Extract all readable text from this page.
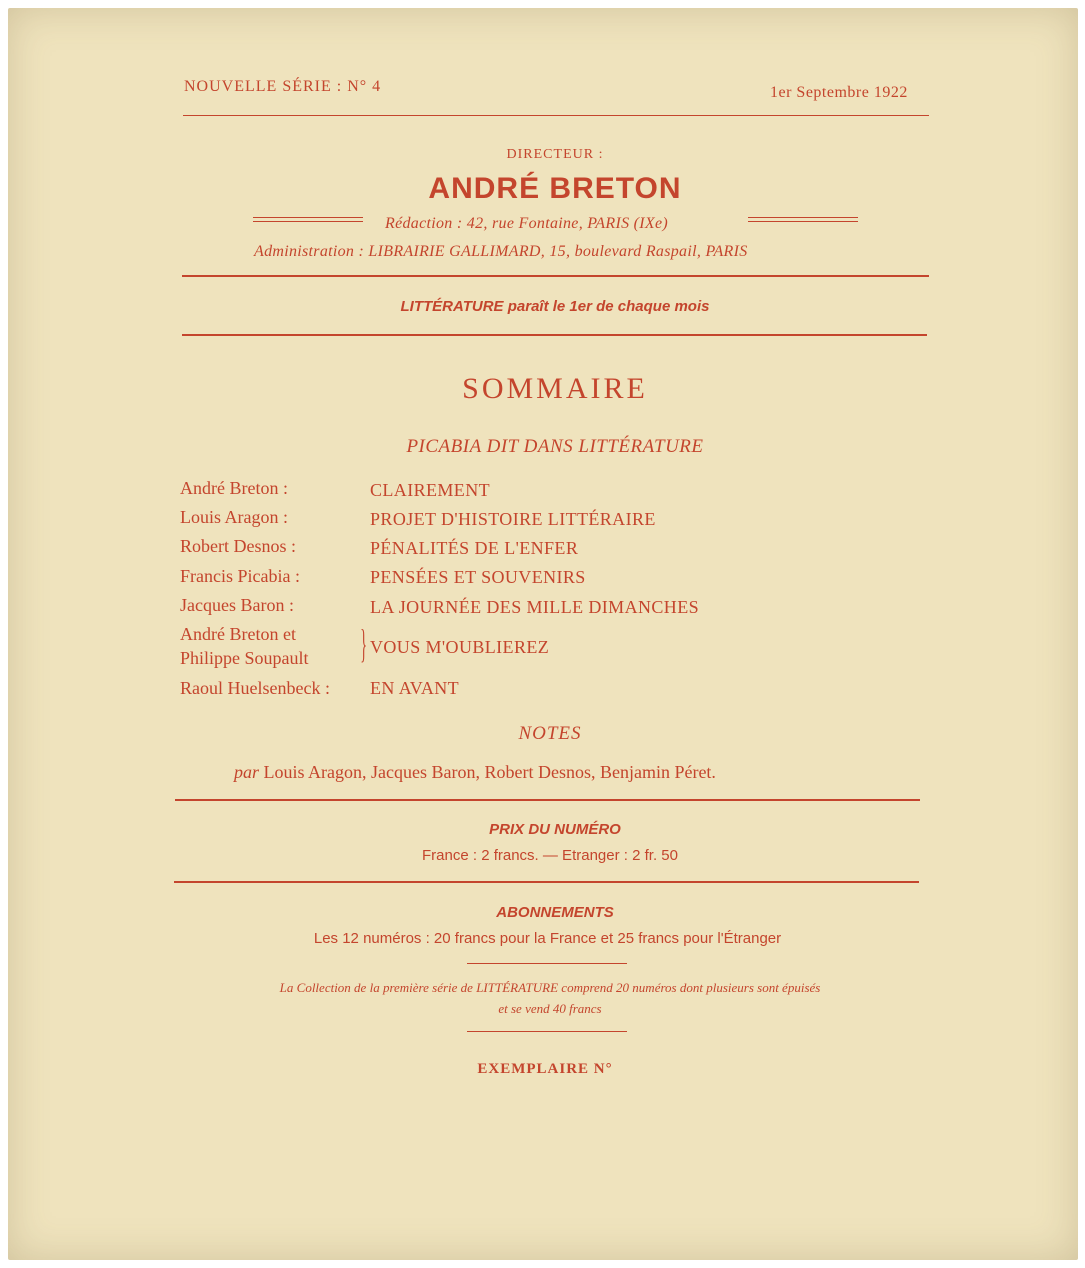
NOUVELLE SÉRIE : N° 4	1er Septembre 1922
DIRECTEUR :
ANDRÉ BRETON
Rédaction : 42, rue Fontaine, PARIS (IXe)
Administration : LIBRAIRIE GALLIMARD, 15, boulevard Raspail, PARIS
LITTÉRATURE paraît le 1er de chaque mois
SOMMAIRE
PICABIA DIT DANS LITTÉRATURE
André Breton :	CLAIREMENT
Louis Aragon :	PROJET D'HISTOIRE LITTÉRAIRE
Robert Desnos :	PÉNALITÉS DE L'ENFER
Francis Picabia :	PENSÉES ET SOUVENIRS
Jacques Baron :	LA JOURNÉE DES MILLE DIMANCHES
André Breton et
Philippe Soupault } VOUS M'OUBLIEREZ
Raoul Huelsenbeck : EN AVANT
NOTES
par Louis Aragon, Jacques Baron, Robert Desnos, Benjamin Péret.
PRIX DU NUMÉRO
France : 2 francs. — Etranger : 2 fr. 50
ABONNEMENTS
Les 12 numéros : 20 francs pour la France et 25 francs pour l'Étranger
La Collection de la première série de LITTÉRATURE comprend 20 numéros dont plusieurs sont épuisés
et se vend 40 francs
EXEMPLAIRE N°
